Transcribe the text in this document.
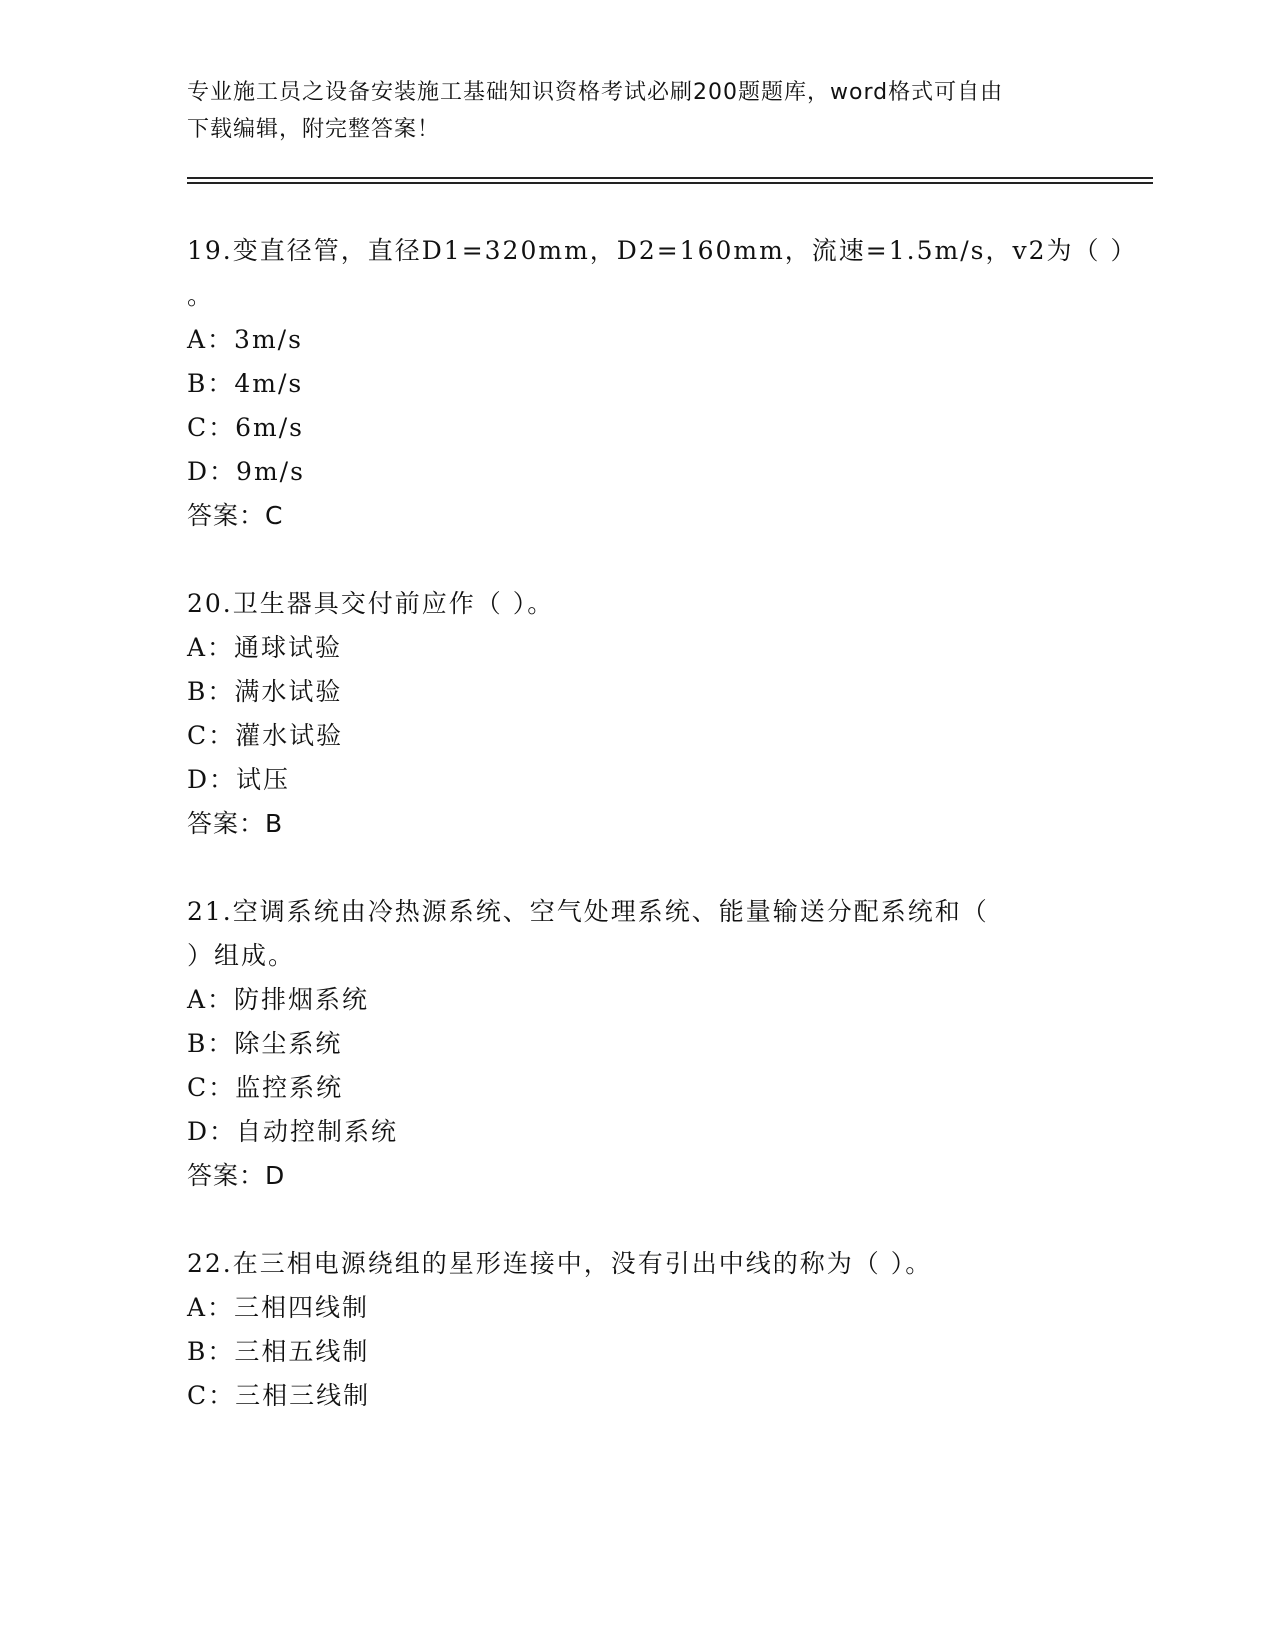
专业施工员之设备安装施工基础知识资格考试必刷200题题库，word格式可自由
下载编辑，附完整答案！
19.变直径管，直径D1=320mm，D2=160mm，流速=1.5m/s，v2为（ ）
。
A：3m/s
B：4m/s
C：6m/s
D：9m/s
答案：C
20.卫生器具交付前应作（ ）。
A：通球试验
B：满水试验
C：灌水试验
D：试压
答案：B
21.空调系统由冷热源系统、空气处理系统、能量输送分配系统和（
）组成。
A：防排烟系统
B：除尘系统
C：监控系统
D：自动控制系统
答案：D
22.在三相电源绕组的星形连接中，没有引出中线的称为（ ）。
A：三相四线制
B：三相五线制
C：三相三线制
